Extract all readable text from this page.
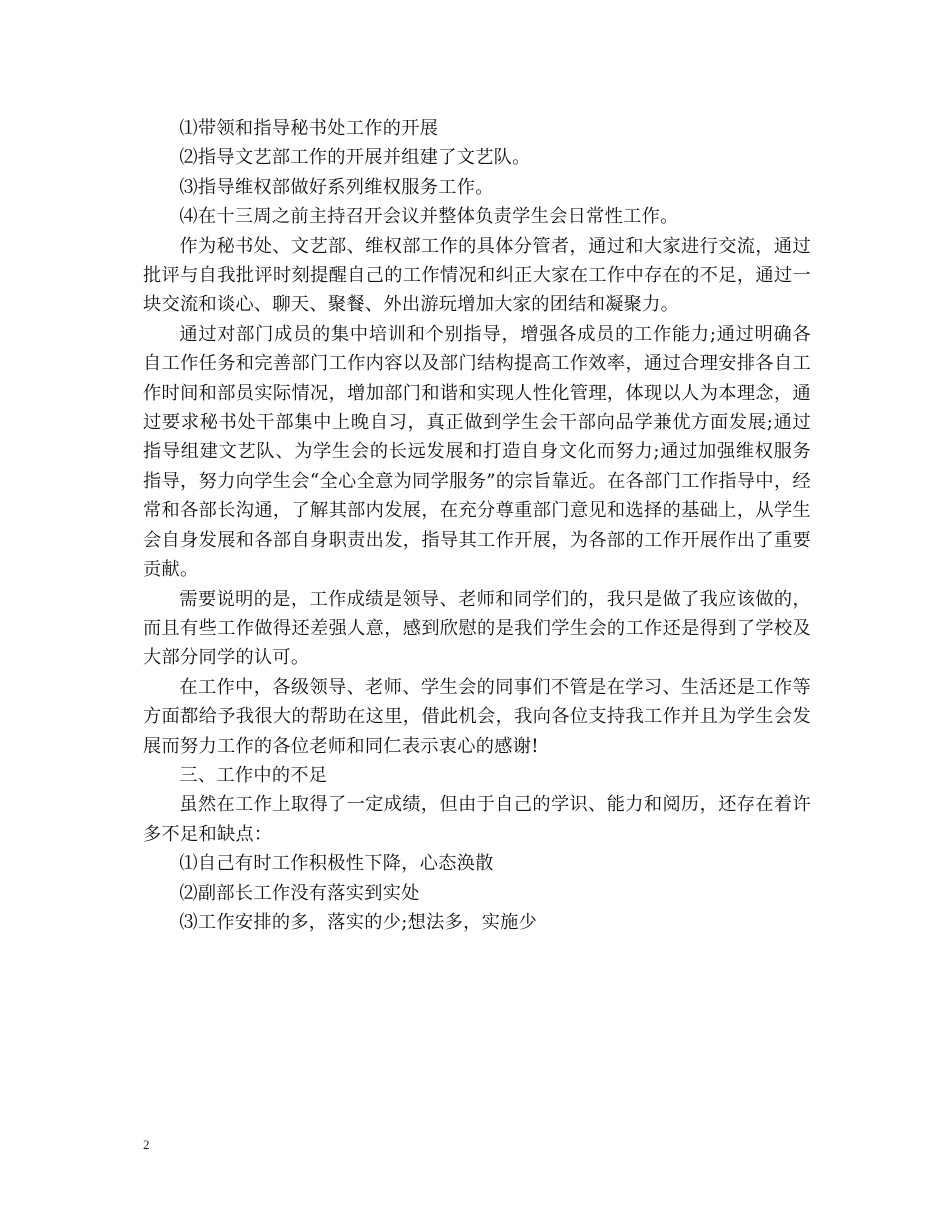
⑴带领和指导秘书处工作的开展

⑵指导文艺部工作的开展并组建了文艺队。

⑶指导维权部做好系列维权服务工作。

⑷在十三周之前主持召开会议并整体负责学生会日常性工作。

作为秘书处、文艺部、维权部工作的具体分管者，通过和大家进行交流，通过批评与自我批评时刻提醒自己的工作情况和纠正大家在工作中存在的不足，通过一块交流和谈心、聊天、聚餐、外出游玩增加大家的团结和凝聚力。

通过对部门成员的集中培训和个别指导，增强各成员的工作能力;通过明确各自工作任务和完善部门工作内容以及部门结构提高工作效率，通过合理安排各自工作时间和部员实际情况，增加部门和谐和实现人性化管理，体现以人为本理念，通过要求秘书处干部集中上晚自习，真正做到学生会干部向品学兼优方面发展;通过指导组建文艺队、为学生会的长远发展和打造自身文化而努力;通过加强维权服务指导，努力向学生会“全心全意为同学服务”的宗旨靠近。在各部门工作指导中，经常和各部长沟通，了解其部内发展，在充分尊重部门意见和选择的基础上，从学生会自身发展和各部自身职责出发，指导其工作开展，为各部的工作开展作出了重要贡献。

需要说明的是，工作成绩是领导、老师和同学们的，我只是做了我应该做的，而且有些工作做得还差强人意，感到欣慰的是我们学生会的工作还是得到了学校及大部分同学的认可。

在工作中，各级领导、老师、学生会的同事们不管是在学习、生活还是工作等方面都给予我很大的帮助在这里，借此机会，我向各位支持我工作并且为学生会发展而努力工作的各位老师和同仁表示衷心的感谢!

三、工作中的不足

虽然在工作上取得了一定成绩，但由于自己的学识、能力和阅历，还存在着许多不足和缺点：

⑴自己有时工作积极性下降，心态涣散

⑵副部长工作没有落实到实处

⑶工作安排的多，落实的少;想法多，实施少

2
